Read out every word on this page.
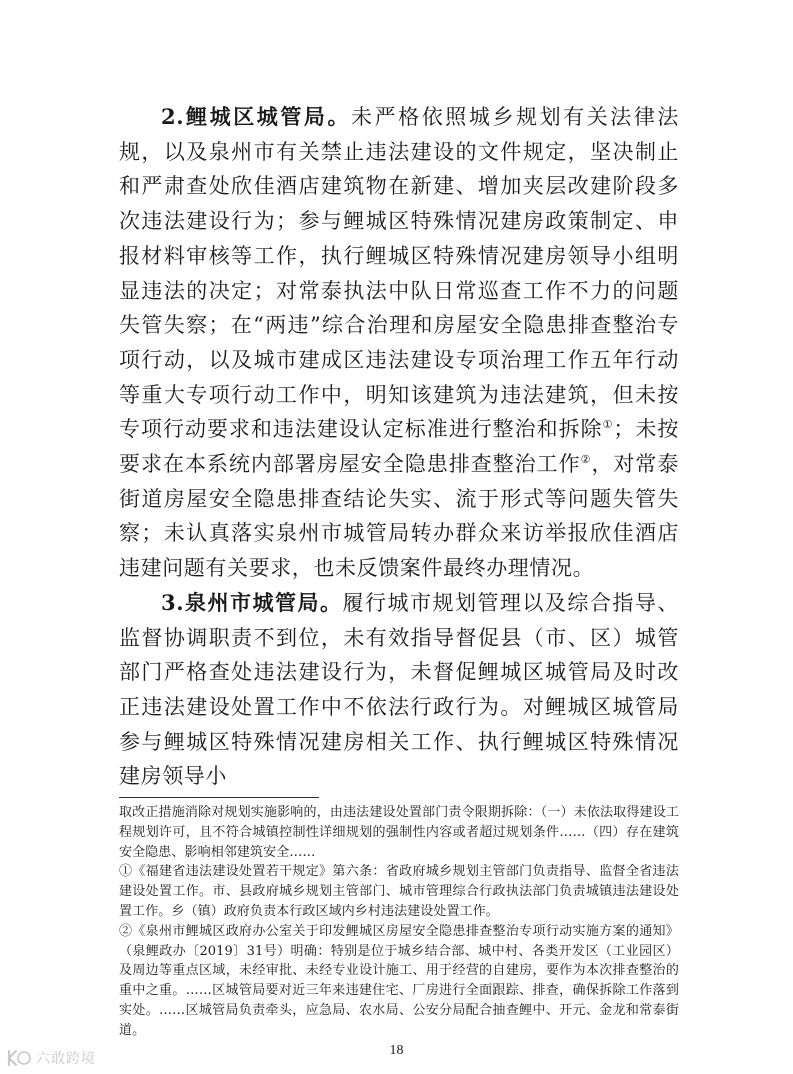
2.鲤城区城管局。未严格依照城乡规划有关法律法规，以及泉州市有关禁止违法建设的文件规定，坚决制止和严肃查处欣佳酒店建筑物在新建、增加夹层改建阶段多次违法建设行为；参与鲤城区特殊情况建房政策制定、申报材料审核等工作，执行鲤城区特殊情况建房领导小组明显违法的决定；对常泰执法中队日常巡查工作不力的问题失管失察；在“两违”综合治理和房屋安全隐患排查整治专项行动，以及城市建成区违法建设专项治理工作五年行动等重大专项行动工作中，明知该建筑为违法建筑，但未按专项行动要求和违法建设认定标准进行整治和拆除①；未按要求在本系统内部署房屋安全隐患排查整治工作②，对常泰街道房屋安全隐患排查结论失实、流于形式等问题失管失察；未认真落实泉州市城管局转办群众来访举报欣佳酒店违建问题有关要求，也未反馈案件最终办理情况。

3.泉州市城管局。履行城市规划管理以及综合指导、监督协调职责不到位，未有效指导督促县（市、区）城管部门严格查处违法建设行为，未督促鲤城区城管局及时改正违法建设处置工作中不依法行政行为。对鲤城区城管局参与鲤城区特殊情况建房相关工作、执行鲤城区特殊情况建房领导小

取改正措施消除对规划实施影响的，由违法建设处置部门责令限期拆除：（一）未依法取得建设工程规划许可，且不符合城镇控制性详细规划的强制性内容或者超过规划条件……（四）存在建筑安全隐患、影响相邻建筑安全……

①《福建省违法建设处置若干规定》第六条：省政府城乡规划主管部门负责指导、监督全省违法建设处置工作。市、县政府城乡规划主管部门、城市管理综合行政执法部门负责城镇违法建设处置工作。乡（镇）政府负责本行政区域内乡村违法建设处置工作。

②《泉州市鲤城区政府办公室关于印发鲤城区房屋安全隐患排查整治专项行动实施方案的通知》（泉鲤政办〔2019〕31号）明确：特别是位于城乡结合部、城中村、各类开发区（工业园区）及周边等重点区域，未经审批、未经专业设计施工、用于经营的自建房，要作为本次排查整治的重中之重。……区城管局要对近三年来违建住宅、厂房进行全面跟踪、排查，确保拆除工作落到实处。……区城管局负责牵头，应急局、农水局、公安分局配合抽查鲤中、开元、金龙和常泰街道。

18
六敢跨境
